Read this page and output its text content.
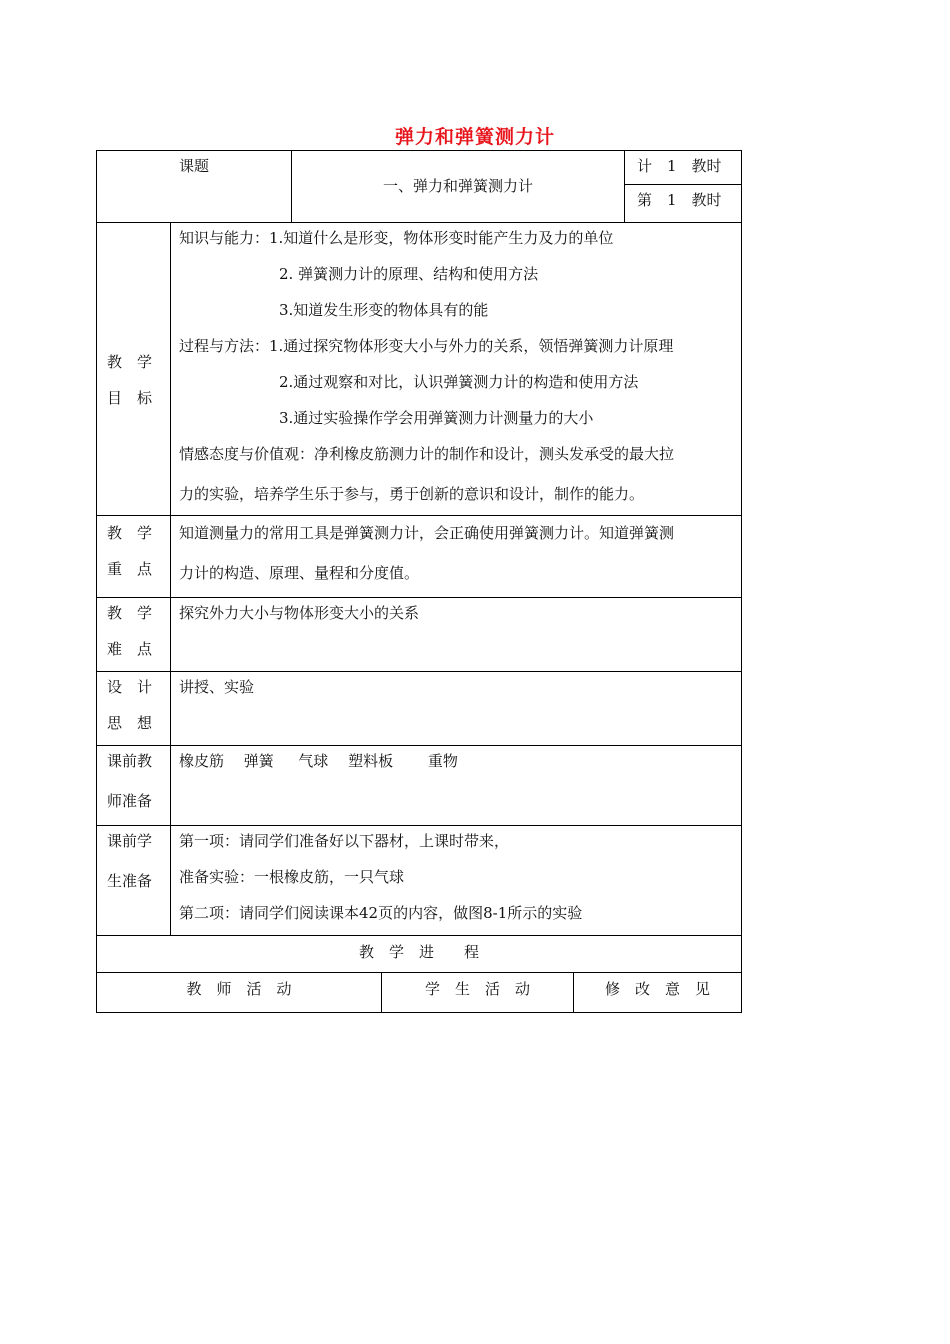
弹力和弹簧测力计
课题
一、弹力和弹簧测力计
计　1　教时
第　1　教时
教　学
目　标
知识与能力：1.知道什么是形变，物体形变时能产生力及力的单位
2. 弹簧测力计的原理、结构和使用方法
3.知道发生形变的物体具有的能
过程与方法：1.通过探究物体形变大小与外力的关系，领悟弹簧测力计原理
2.通过观察和对比，认识弹簧测力计的构造和使用方法
3.通过实验操作学会用弹簧测力计测量力的大小
情感态度与价值观：净利橡皮筋测力计的制作和设计，测头发承受的最大拉
力的实验，培养学生乐于参与，勇于创新的意识和设计，制作的能力。
教　学
重　点
知道测量力的常用工具是弹簧测力计，会正确使用弹簧测力计。知道弹簧测
力计的构造、原理、量程和分度值。
教　学
难　点
探究外力大小与物体形变大小的关系
设　计
思　想
讲授、实验
课前教
师准备
橡皮筋　 弹簧 　 气球 　塑料板 　　重物
课前学
生准备
第一项：请同学们准备好以下器材，上课时带来，
准备实验：一根橡皮筋，一只气球
第二项：请同学们阅读课本42页的内容，做图8-1所示的实验
教　学　进　　程
教　师　活　动	学　生　活　动	修　改　意　见
